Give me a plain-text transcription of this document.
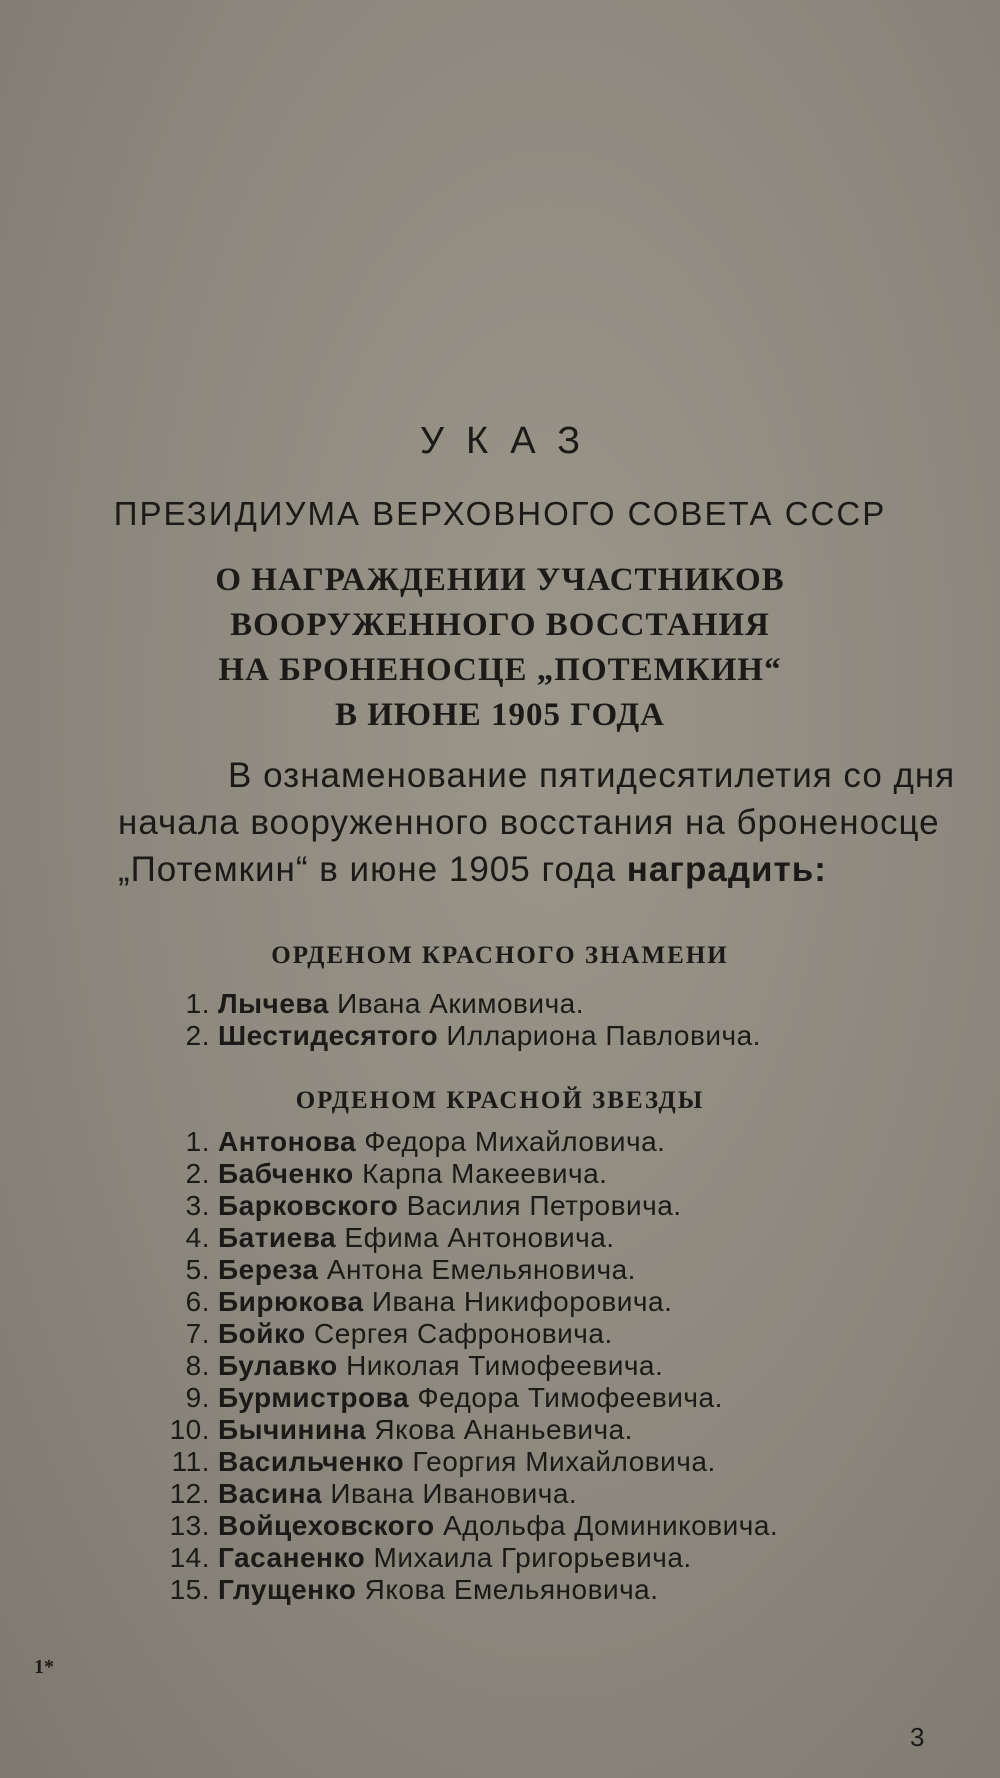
УКАЗ
ПРЕЗИДИУМА ВЕРХОВНОГО СОВЕТА СССР
О НАГРАЖДЕНИИ УЧАСТНИКОВ
ВООРУЖЕННОГО ВОССТАНИЯ
НА БРОНЕНОСЦЕ „ПОТЕМКИН“
В ИЮНЕ 1905 ГОДА
В ознаменование пятидесятилетия со дня
начала вооруженного восстания на броненосце
„Потемкин“ в июне 1905 года наградить:
ОРДЕНОМ КРАСНОГО ЗНАМЕНИ
1. Лычева Ивана Акимовича.
2. Шестидесятого Иллариона Павловича.
ОРДЕНОМ КРАСНОЙ ЗВЕЗДЫ
1. Антонова Федора Михайловича.
2. Бабченко Карпа Макеевича.
3. Барковского Василия Петровича.
4. Батиева Ефима Антоновича.
5. Береза Антона Емельяновича.
6. Бирюкова Ивана Никифоровича.
7. Бойко Сергея Сафроновича.
8. Булавко Николая Тимофеевича.
9. Бурмистрова Федора Тимофеевича.
10. Бычинина Якова Ананьевича.
11. Васильченко Георгия Михайловича.
12. Васина Ивана Ивановича.
13. Войцеховского Адольфа Доминиковича.
14. Гасаненко Михаила Григорьевича.
15. Глущенко Якова Емельяновича.
1*
3
